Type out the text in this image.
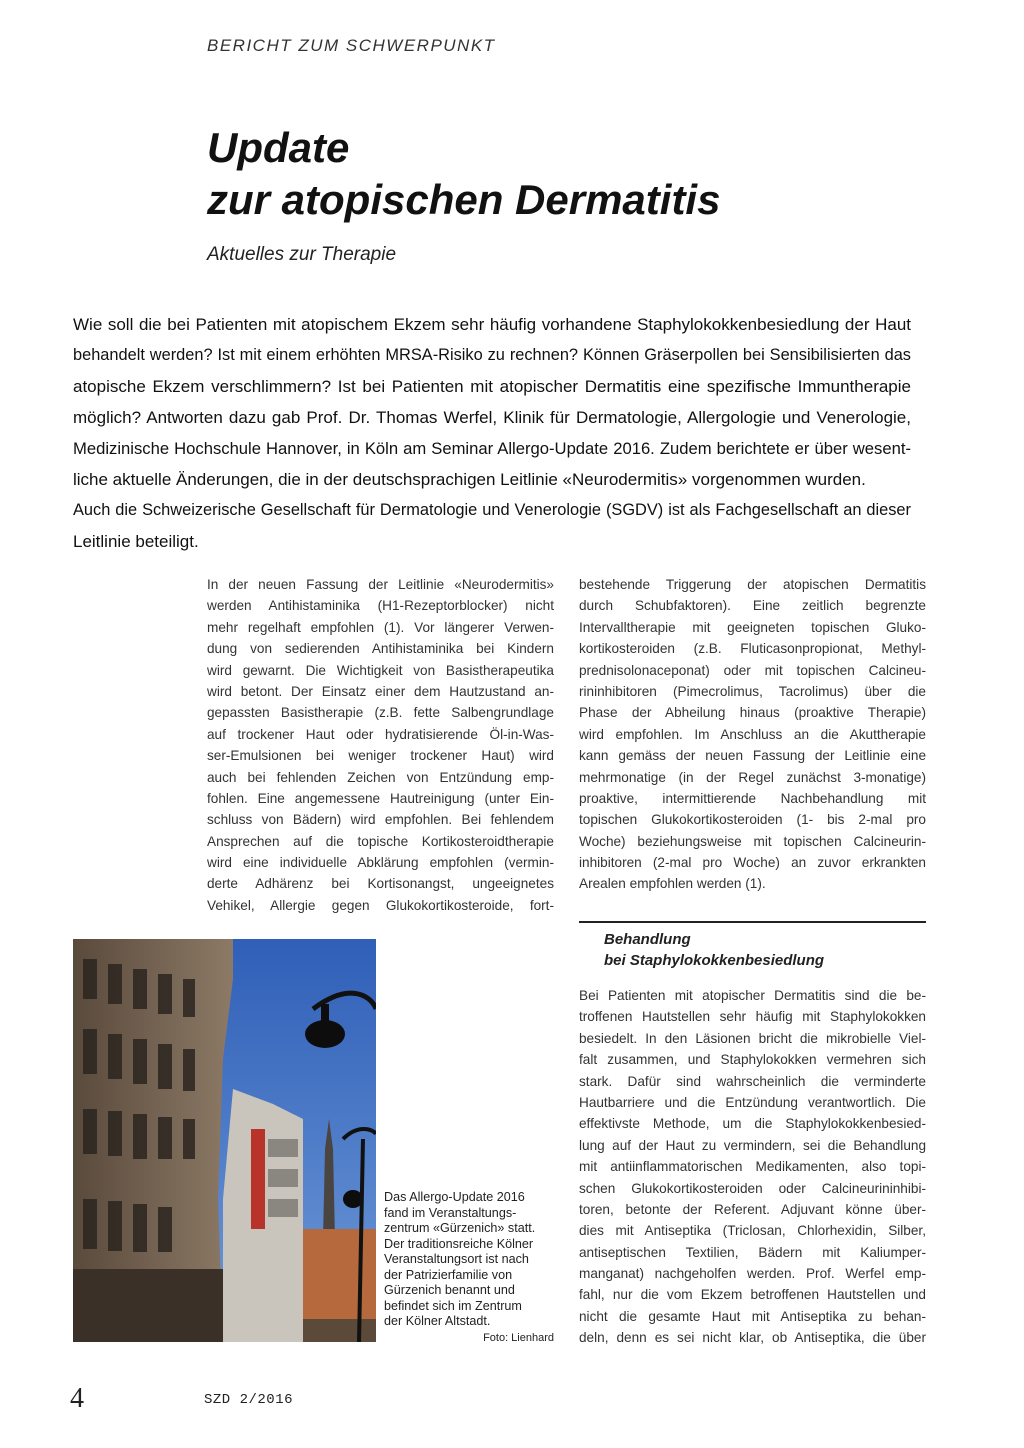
BERICHT ZUM SCHWERPUNKT
Update
zur atopischen Dermatitis
Aktuelles zur Therapie
Wie soll die bei Patienten mit atopischem Ekzem sehr häufig vorhandene Staphylokokkenbesiedlung der Haut
behandelt werden? Ist mit einem erhöhten MRSA-Risiko zu rechnen? Können Gräserpollen bei Sensibilisierten das
atopische Ekzem verschlimmern? Ist bei Patienten mit atopischer Dermatitis eine spezifische Immuntherapie
möglich? Antworten dazu gab Prof. Dr. Thomas Werfel, Klinik für Dermatologie, Allergologie und Venerologie,
Medizinische Hochschule Hannover, in Köln am Seminar Allergo-Update 2016. Zudem berichtete er über wesent-
liche aktuelle Änderungen, die in der deutschsprachigen Leitlinie «Neurodermitis» vorgenommen wurden.
Auch die Schweizerische Gesellschaft für Dermatologie und Venerologie (SGDV) ist als Fachgesellschaft an dieser
Leitlinie beteiligt.
In der neuen Fassung der Leitlinie «Neurodermitis»
werden Antihistaminika (H1-Rezeptorblocker) nicht
mehr regelhaft empfohlen (1). Vor längerer Verwen-
dung von sedierenden Antihistaminika bei Kindern
wird gewarnt. Die Wichtigkeit von Basistherapeutika
wird betont. Der Einsatz einer dem Hautzustand an-
gepassten Basistherapie (z.B. fette Salbengrundlage
auf trockener Haut oder hydratisierende Öl-in-Was-
ser-Emulsionen bei weniger trockener Haut) wird
auch bei fehlenden Zeichen von Entzündung emp-
fohlen. Eine angemessene Hautreinigung (unter Ein-
schluss von Bädern) wird empfohlen. Bei fehlendem
Ansprechen auf die topische Kortikosteroidtherapie
wird eine individuelle Abklärung empfohlen (vermin-
derte Adhärenz bei Kortisonangst, ungeeignetes
Vehikel, Allergie gegen Glukokortikosteroide, fort-
bestehende Triggerung der atopischen Dermatitis
durch Schubfaktoren). Eine zeitlich begrenzte
Intervalltherapie mit geeigneten topischen Gluko-
kortikosteroiden (z.B. Fluticasonpropionat, Methyl-
prednisolonaceponat) oder mit topischen Calcineu-
rininhibitoren (Pimecrolimus, Tacrolimus) über die
Phase der Abheilung hinaus (proaktive Therapie)
wird empfohlen. Im Anschluss an die Akuttherapie
kann gemäss der neuen Fassung der Leitlinie eine
mehrmonatige (in der Regel zunächst 3-monatige)
proaktive, intermittierende Nachbehandlung mit
topischen Glukokortikosteroiden (1- bis 2-mal pro
Woche) beziehungsweise mit topischen Calcineurin-
inhibitoren (2-mal pro Woche) an zuvor erkrankten
Arealen empfohlen werden (1).
Behandlung
bei Staphylokokkenbesiedlung
Bei Patienten mit atopischer Dermatitis sind die be-
troffenen Hautstellen sehr häufig mit Staphylokokken
besiedelt. In den Läsionen bricht die mikrobielle Viel-
falt zusammen, und Staphylokokken vermehren sich
stark. Dafür sind wahrscheinlich die verminderte
Hautbarriere und die Entzündung verantwortlich. Die
effektivste Methode, um die Staphylokokkenbesied-
lung auf der Haut zu vermindern, sei die Behandlung
mit antiinflammatorischen Medikamenten, also topi-
schen Glukokortikosteroiden oder Calcineurininhibi-
toren, betonte der Referent. Adjuvant könne über-
dies mit Antiseptika (Triclosan, Chlorhexidin, Silber,
antiseptischen Textilien, Bädern mit Kaliumper-
manganat) nachgeholfen werden. Prof. Werfel emp-
fahl, nur die vom Ekzem betroffenen Hautstellen und
nicht die gesamte Haut mit Antiseptika zu behan-
deln, denn es sei nicht klar, ob Antiseptika, die über
Das Allergo-Update 2016
fand im Veranstaltungs-
zentrum «Gürzenich» statt.
Der traditionsreiche Kölner
Veranstaltungsort ist nach
der Patrizierfamilie von
Gürzenich benannt und
befindet sich im Zentrum
der Kölner Altstadt.
Foto: Lienhard
4	SZD 2/2016
